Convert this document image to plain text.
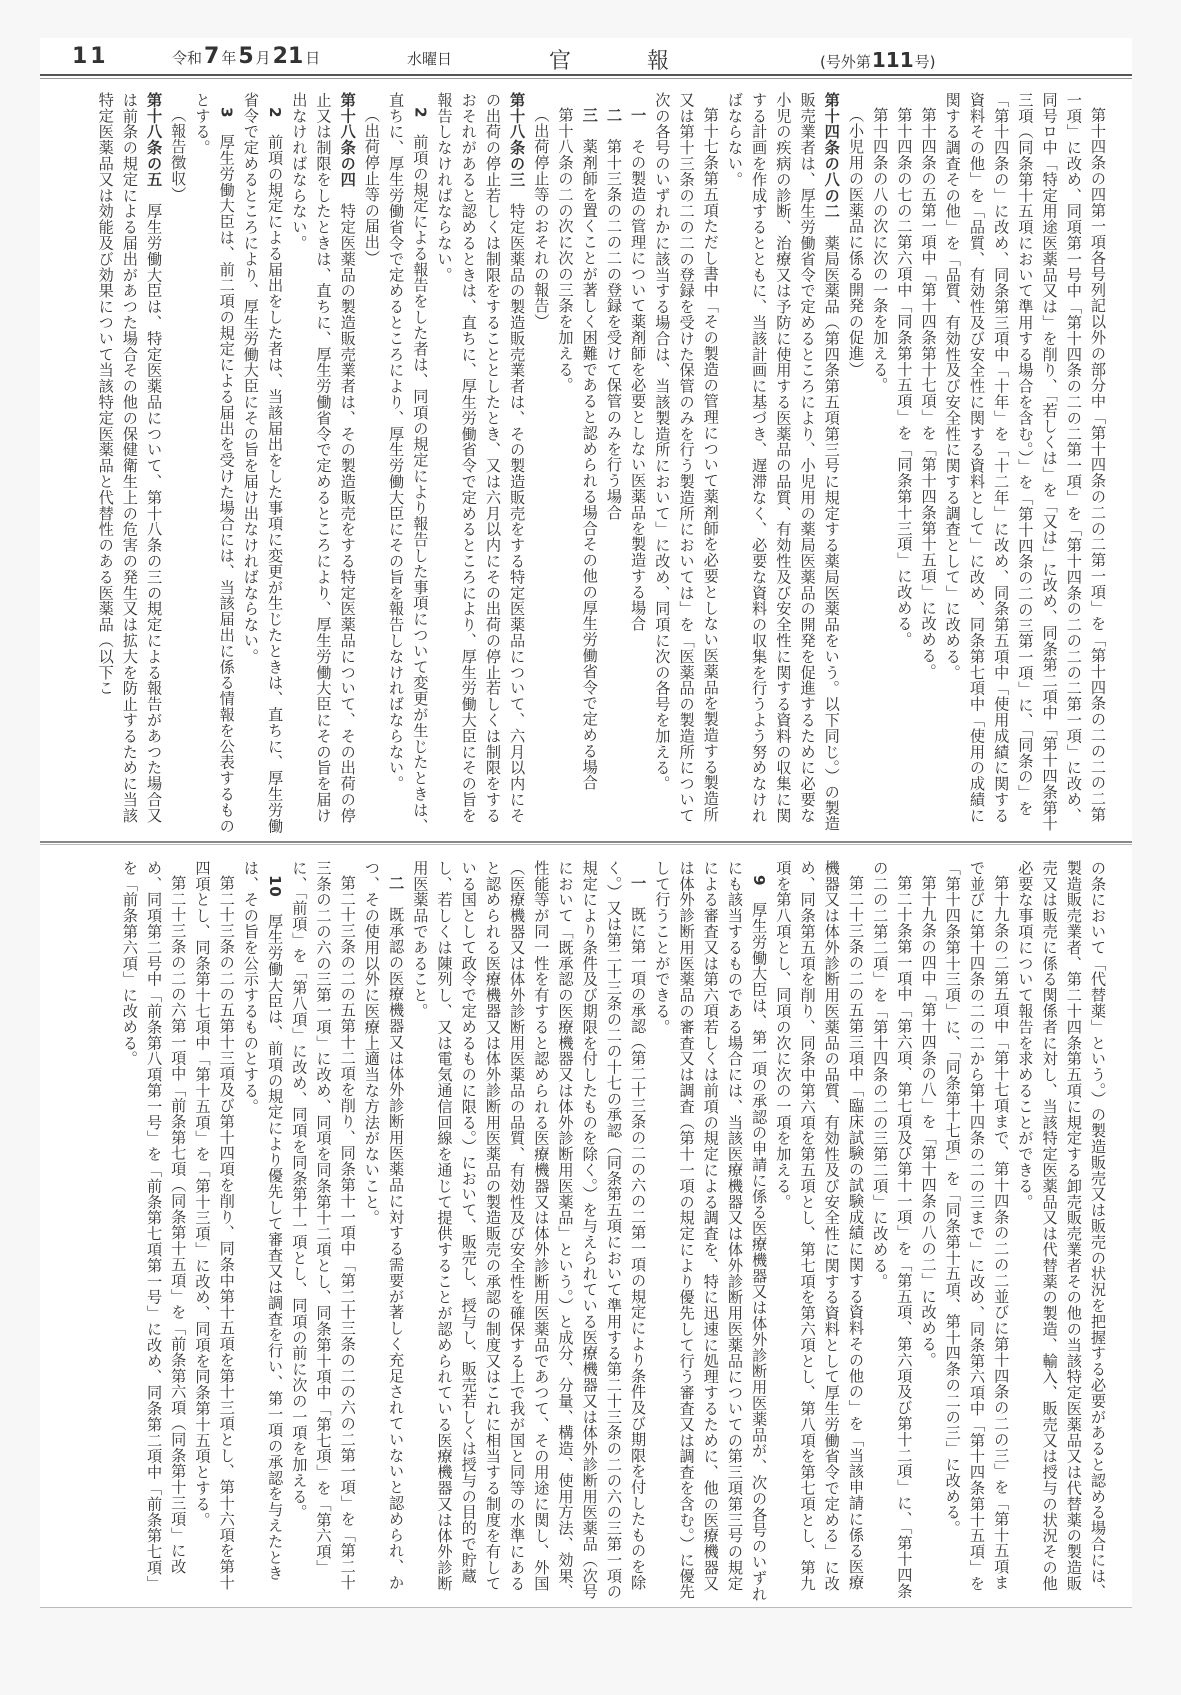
11	令和7 年5 月21 日	水曜日	官	報	(号外第111号)

第十四条の四第一項各号列記以外の部分中「第十四条の二の二第一項」を「第十四条の二の二の二第一項」に改め、同項第一号中「第十四条の二の二第一項」を「第十四条の二の二の二第一項」に改め、同号ロ中「特定用途医薬品又は」を削り、「若しくは」を「又は」に改め、同条第二項中「第十四条第十三項（同条第十五項において準用する場合を含む。）」を「第十四条の二の三第一項」に、「同条の」を「第十四条の」に改め、同条第三項中「十年」を「十二年」に改め、同条第五項中「使用成績に関する資料その他」を「品質、有効性及び安全性に関する資料として」に改め、同条第七項中「使用の成績に関する調査その他」を「品質、有効性及び安全性に関する調査として」に改める。

第十四条の五第一項中「第十四条第十七項」を「第十四条第十五項」に改める。

第十四条の七の二第六項中「同条第十五項」を「同条第十三項」に改める。

第十四条の八の次に次の一条を加える。

（小児用の医薬品に係る開発の促進）

第十四条の八の二　薬局医薬品（第四条第五項第三号に規定する薬局医薬品をいう。以下同じ。）の製造販売業者は、厚生労働省令で定めるところにより、小児用の薬局医薬品の開発を促進するために必要な小児の疾病の診断、治療又は予防に使用する医薬品の品質、有効性及び安全性に関する資料の収集に関する計画を作成するとともに、当該計画に基づき、遅滞なく、必要な資料の収集を行うよう努めなければならない。

第十七条第五項ただし書中「その製造の管理について薬剤師を必要としない医薬品を製造する製造所又は第十三条の二の二の登録を受けた保管のみを行う製造所においては」を「医薬品の製造所について次の各号のいずれかに該当する場合は、当該製造所において」に改め、同項に次の各号を加える。

一　その製造の管理について薬剤師を必要としない医薬品を製造する場合

二　第十三条の二の二の登録を受けて保管のみを行う場合

三　薬剤師を置くことが著しく困難であると認められる場合その他の厚生労働省令で定める場合

第十八条の二の次に次の三条を加える。

（出荷停止等のおそれの報告）

第十八条の三　特定医薬品の製造販売業者は、その製造販売をする特定医薬品について、六月以内にその出荷の停止若しくは制限をすることとしたとき、又は六月以内にその出荷の停止若しくは制限をするおそれがあると認めるときは、直ちに、厚生労働省令で定めるところにより、厚生労働大臣にその旨を報告しなければならない。

2　前項の規定による報告をした者は、同項の規定により報告した事項について変更が生じたときは、直ちに、厚生労働省令で定めるところにより、厚生労働大臣にその旨を報告しなければならない。

（出荷停止等の届出）

第十八条の四　特定医薬品の製造販売業者は、その製造販売をする特定医薬品について、その出荷の停止又は制限をしたときは、直ちに、厚生労働省令で定めるところにより、厚生労働大臣にその旨を届け出なければならない。

2　前項の規定による届出をした者は、当該届出をした事項に変更が生じたときは、直ちに、厚生労働省令で定めるところにより、厚生労働大臣にその旨を届け出なければならない。

3　厚生労働大臣は、前二項の規定による届出を受けた場合には、当該届出に係る情報を公表するものとする。

（報告徴収）

第十八条の五　厚生労働大臣は、特定医薬品について、第十八条の三の規定による報告があつた場合又は前条の規定による届出があつた場合その他の保健衛生上の危害の発生又は拡大を防止するために当該特定医薬品又は効能及び効果について当該特定医薬品と代替性のある医薬品（以下こ

の条において「代替薬」という。）の製造販売又は販売の状況を把握する必要があると認める場合には、製造販売業者、第二十四条第五項に規定する卸売販売業者その他の当該特定医薬品又は代替薬の製造販売又は販売に係る関係者に対し、当該特定医薬品又は代替薬の製造、輸入、販売又は授与の状況その他必要な事項について報告を求めることができる。

第十九条の二第五項中「第十七項まで、第十四条の二の二並びに第十四条の二の三」を「第十五項まで並びに第十四条の二の二から第十四条の二の三まで」に改め、同条第六項中「第十四条第十五項」を「第十四条第十三項」に、「同条第十七項」を「同条第十五項、第十四条の二の三」に改める。

第十九条の四中「第十四条の八」を「第十四条の八の二」に改める。

第二十条第一項中「第六項、第七項及び第十一項」を「第五項、第六項及び第十二項」に、「第十四条の二の二第二項」を「第十四条の二の三第二項」に改める。

第二十三条の二の五第三項中「臨床試験の試験成績に関する資料その他の」を「当該申請に係る医療機器又は体外診断用医薬品の品質、有効性及び安全性に関する資料として厚生労働省令で定める」に改め、同条第五項を削り、同条中第六項を第五項とし、第七項を第六項とし、第八項を第七項とし、第九項を第八項とし、同項の次に次の一項を加える。

9　厚生労働大臣は、第一項の承認の申請に係る医療機器又は体外診断用医薬品が、次の各号のいずれにも該当するものである場合には、当該医療機器又は体外診断用医薬品についての第三項第三号の規定による審査又は第六項若しくは前項の規定による調査を、特に迅速に処理するために、他の医療機器又は体外診断用医薬品の審査又は調査（第十一項の規定により優先して行う審査又は調査を含む。）に優先して行うことができる。

一　既に第一項の承認（第二十三条の二の六の二第一項の規定により条件及び期限を付したものを除く。）又は第二十三条の二の十七の承認（同条第五項において準用する第二十三条の二の六の三第一項の規定により条件及び期限を付したものを除く。）を与えられている医療機器又は体外診断用医薬品（次号において「既承認の医療機器又は体外診断用医薬品」という。）と成分、分量、構造、使用方法、効果、性能等が同一性を有すると認められる医療機器又は体外診断用医薬品であつて、その用途に関し、外国（医療機器又は体外診断用医薬品の品質、有効性及び安全性を確保する上で我が国と同等の水準にあると認められる医療機器又は体外診断用医薬品の製造販売の承認の制度又はこれに相当する制度を有している国として政令で定めるものに限る。）において、販売し、授与し、販売若しくは授与の目的で貯蔵し、若しくは陳列し、又は電気通信回線を通じて提供することが認められている医療機器又は体外診断用医薬品であること。

二　既承認の医療機器又は体外診断用医薬品に対する需要が著しく充足されていないと認められ、かつ、その使用以外に医療上適当な方法がないこと。

第二十三条の二の五第十二項を削り、同条第十一項中「第二十三条の二の六の二第一項」を「第二十三条の二の六の三第一項」に改め、同項を同条第十二項とし、同条第十項中「第七項」を「第六項」に、「前項」を「第八項」に改め、同項を同条第十一項とし、同項の前に次の一項を加える。

10　厚生労働大臣は、前項の規定により優先して審査又は調査を行い、第一項の承認を与えたときは、その旨を公示するものとする。

第二十三条の二の五第十三項及び第十四項を削り、同条中第十五項を第十三項とし、第十六項を第十四項とし、同条第十七項中「第十五項」を「第十三項」に改め、同項を同条第十五項とする。

第二十三条の二の六第一項中「前条第七項（同条第十五項」を「前条第六項（同条第十三項」に改め、同項第二号中「前条第八項第一号」を「前条第七項第一号」に改め、同条第二項中「前条第七項」を「前条第六項」に改める。
